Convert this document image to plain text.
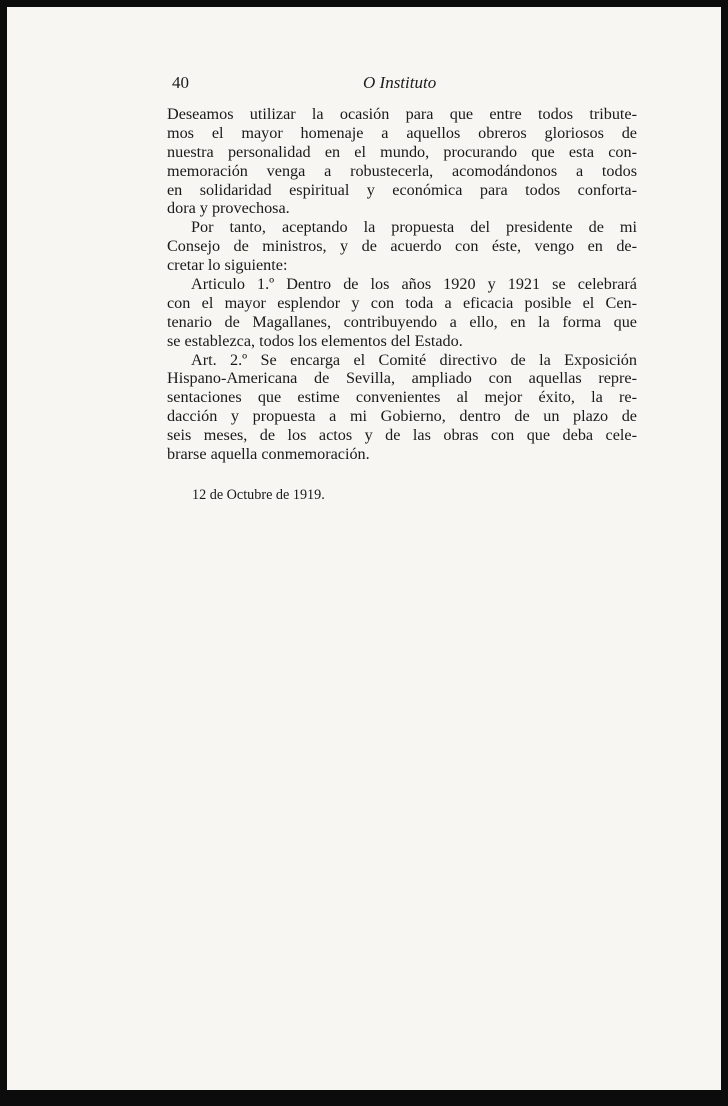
40	O Instituto
Deseamos utilizar la ocasión para que entre todos tribute-
mos el mayor homenaje a aquellos obreros gloriosos de
nuestra personalidad en el mundo, procurando que esta con-
memoración venga a robustecerla, acomodándonos a todos
en solidaridad espiritual y económica para todos conforta-
dora y provechosa.
Por tanto, aceptando la propuesta del presidente de mi
Consejo de ministros, y de acuerdo con éste, vengo en de-
cretar lo siguiente:
Articulo 1.º Dentro de los años 1920 y 1921 se celebrará
con el mayor esplendor y con toda a eficacia posible el Cen-
tenario de Magallanes, contribuyendo a ello, en la forma que
se establezca, todos los elementos del Estado.
Art. 2.º Se encarga el Comité directivo de la Exposición
Hispano-Americana de Sevilla, ampliado con aquellas repre-
sentaciones que estime convenientes al mejor éxito, la re-
dacción y propuesta a mi Gobierno, dentro de un plazo de
seis meses, de los actos y de las obras con que deba cele-
brarse aquella conmemoración.
12 de Octubre de 1919.
